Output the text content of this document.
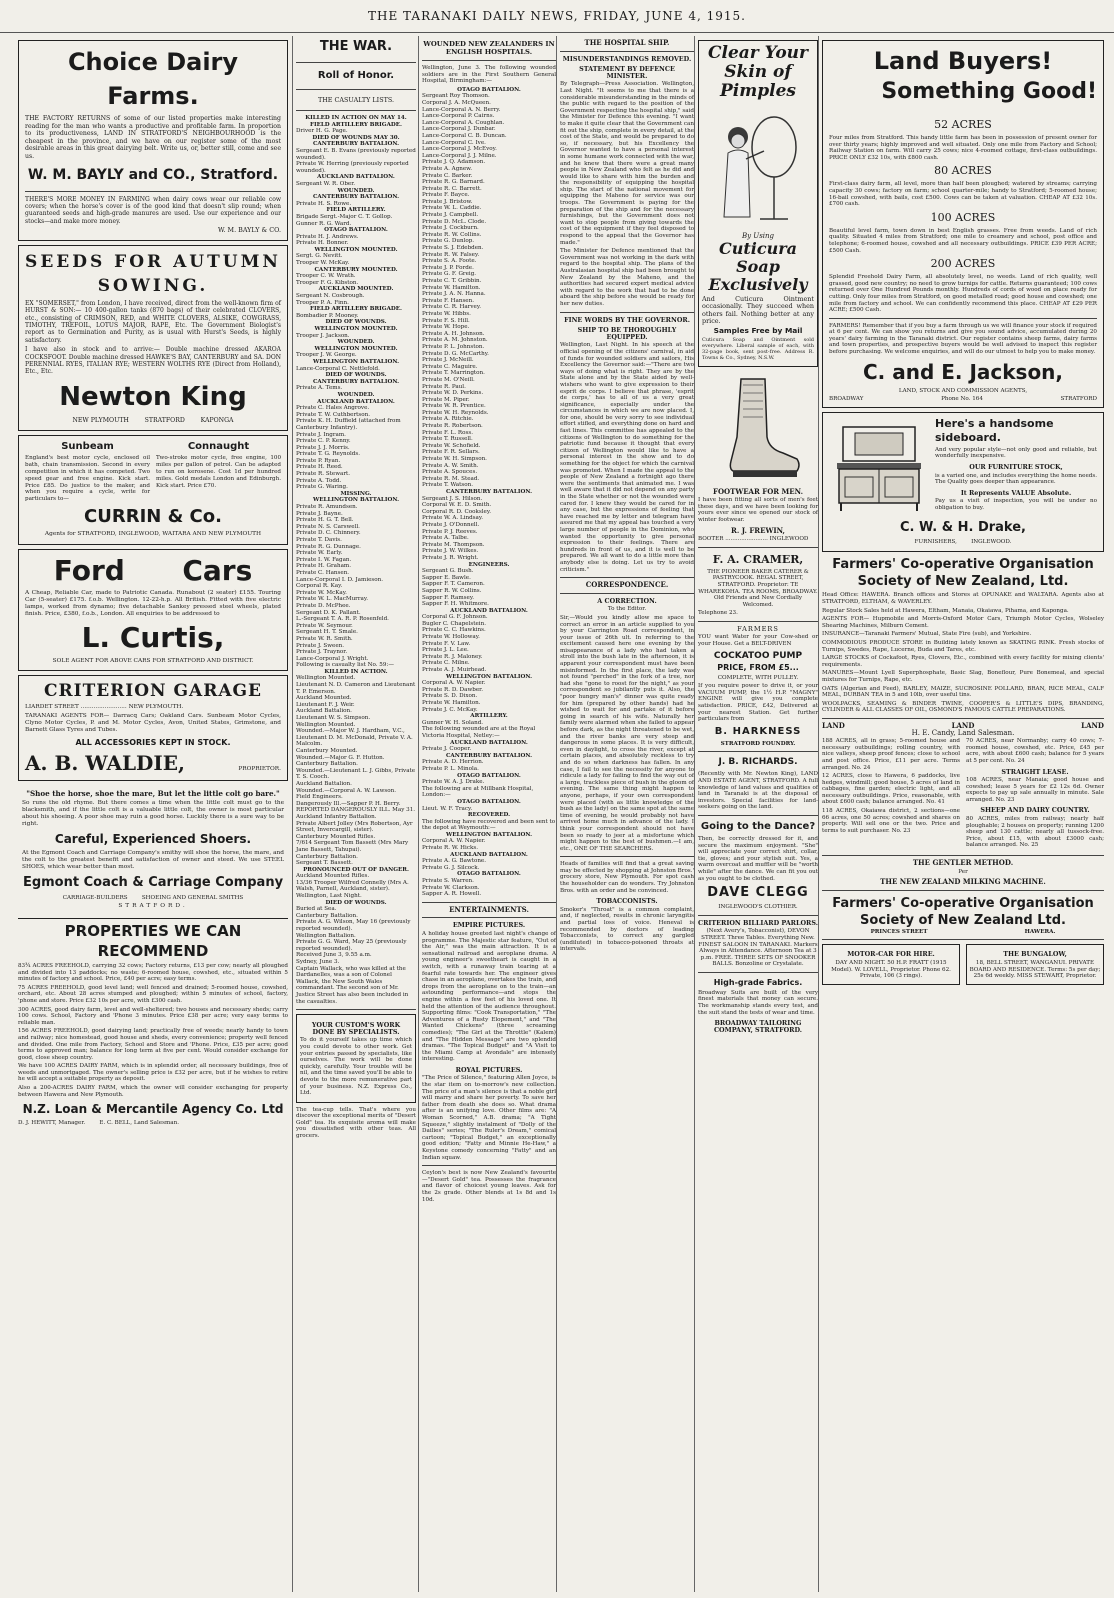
THE TARANAKI DAILY NEWS, FRIDAY, JUNE 4, 1915.
Choice Dairy Farms.

THE FACTORY RETURNS of some of our listed properties make interesting reading for the man who wants a productive and profitable farm. In proportion to its productiveness, LAND IN STRATFORD'S NEIGHBOURHOOD is the cheapest in the province, and we have on our register some of the most desirable areas in this great dairying belt. Write us, or, better still, come and see us.

W. M. BAYLY and CO., Stratford.

THERE'S MORE MONEY IN FARMING when dairy cows wear our reliable cow covers; when the horse's cover is of the good kind that doesn't slip round; when guaranteed seeds and high-grade manures are used. Use our experience and our stocks—and make more money.

W. M. BAYLY & CO.

SEEDS FOR AUTUMN SOWING.

EX "SOMERSET," from London, I have received, direct from the well-known firm of HURST & SON:— 10 400-gallon tanks (870 bags) of their celebrated CLOVERS, etc., consisting of CRIMSON, RED, and WHITE CLOVERS, ALSIKE, COWGRASS, TIMOTHY, TREFOIL, LOTUS MAJOR, RAPE, Etc. The Government Biologist's report as to Germination and Purity, as is usual with Hurst's Seeds, is highly satisfactory.

I have also in stock and to arrive:— Double machine dressed AKAROA COCKSFOOT. Double machine dressed HAWKE'S BAY, CANTERBURY and SA. DON PERENNIAL RYES, ITALIAN RYE; WESTERN WOLTHS RYE (Direct from Holland), Etc., Etc.

Newton King

NEW PLYMOUTH        STRATFORD        KAPONGA

Sunbeam

England's best motor cycle, enclosed oil bath, chain transmission. Second in every competition in which it has competed. Two speed gear and free engine. Kick start. Price £85. Do justice to the maker, and when you require a cycle, write for particulars to—

Connaught

Two-stroke motor cycle, free engine, 100 miles per gallon of petrol. Can be adapted to run on kerosene. Cost 1d per hundred miles. Gold medals London and Edinburgh. Kick start. Price £70.

CURRIN & Co.

Agents for STRATFORD, INGLEWOOD, WAITARA AND NEW PLYMOUTH

Ford Cars

A Cheap, Reliable Car, made to Patriotic Canada. Runabout (2 seater) £155. Touring Car (5-seater) £175. f.o.b. Wellington. 12-22-h.p. All British. Fitted with five electric lamps, worked from dynamo; five detachable Sankey pressed steel wheels, plated finish. Price, £380, f.o.b., London. All enquiries to be addressed to

L. Curtis,

SOLE AGENT FOR ABOVE CARS FOR STRATFORD AND DISTRICT.

CRITERION GARAGE

LIARDET STREET ......................... NEW PLYMOUTH.

TARANAKI AGENTS FOR— Darracq Cars; Oakland Cars. Sunbeam Motor Cycles, Clyno Motor Cycles, P. and M. Motor Cycles, Avon, United States, Grimstone, and Barnett Glass Tyres and Tubes.

ALL ACCESSORIES KEPT IN STOCK.
A. B. WALDIE,	PROPRIETOR.

"Shoe the horse, shoe the mare, But let the little colt go bare."

So runs the old rhyme. But there comes a time when the little colt must go to the blacksmith, and if the little colt is a valuable little colt, the owner is most particular about his shoeing. A poor shoe may ruin a good horse. Luckily there is a sure way to be right.

Careful, Experienced Shoers.

At the Egmont Coach and Carriage Company's smithy will shoe the horse, the mare, and the colt to the greatest benefit and satisfaction of owner and steed. We use STEEL SHOES, which wear better than most.

Egmont Coach & Carriage Company

CARRIAGE-BUILDERS        SHOEING AND GENERAL SMITHS

STRATFORD.

PROPERTIES WE CAN RECOMMEND

83¾ ACRES FREEHOLD, carrying 32 cows; Factory returns, £13 per cow; nearly all ploughed and divided into 13 paddocks; no waste; 6-roomed house, cowshed, etc., situated within 5 minutes of factory and school. Price, £40 per acre; easy terms.

75 ACRES FREEHOLD, good level land; well fenced and drained; 5-roomed house, cowshed, orchard, etc. About 28 acres stumped and ploughed; within 5 minutes of school, factory, 'phone and store. Price £32 10s per acre, with £300 cash.

300 ACRES, good dairy farm, level and well-sheltered; two houses and necessary sheds; carry 100 cows. School, Factory and 'Phone 3 minutes. Price £38 per acre; very easy terms to reliable man.

156 ACRES FREEHOLD, good dairying land; practically free of weeds; nearly handy to town and railway; nice homestead, good house and sheds, every convenience; property well fenced and divided. One mile from Factory, School and Store and 'Phone. Price, £35 per acre; good terms to approved man; balance for long term at five per cent. Would consider exchange for good, close sheep country.

We have 100 ACRES DAIRY FARM, which is in splendid order, all necessary buildings, free of weeds and unmortgaged. The owner's selling price is £32 per acre, but if he wishes to retire he will accept a suitable property as deposit.

Also a 200-ACRES DAIRY FARM, which the owner will consider exchanging for property between Hawera and New Plymouth.

N.Z. Loan & Mercantile Agency Co. Ltd

D. J. HEWITT, Manager.        E. C. BELL, Land Salesman.

THE WAR.
Roll of Honor.
THE CASUALTY LISTS.
KILLED IN ACTION ON MAY 14.
FIELD ARTILLERY BRIGADE.
Driver H. G. Page.
DIED OF WOUNDS MAY 30.
CANTERBURY BATTALION.
Sergeant E. B. Evans (previously reported wounded).
Private W. Herring (previously reported wounded).
AUCKLAND BATTALION.
Sergeant W. R. Ober.
WOUNDED.
CANTERBURY BATTALION.
Private H. S. Rowe.
FIELD ARTILLERY.
Brigade Sergt.-Major C. T. Gollop.
Gunner R. G. Ward.
OTAGO BATTALION.
Private H. J. Andrews.
Private H. Bonner.
WELLINGTON MOUNTED.
Sergt. G. Nevitt.
Trooper W. McKay.
CANTERBURY MOUNTED.
Trooper C. W. Wrath.
Trooper F. G. Kibston.
AUCKLAND MOUNTED.
Sergeant N. Cosbrough.
Trooper P. A. Finn.
FIELD ARTILLERY BRIGADE.
Bombadier P. Mooney.
DIED OF WOUNDS.
WELLINGTON MOUNTED.
Trooper J. Jackson.
WOUNDED.
WELLINGTON MOUNTED.
Trooper J. W. George.
WELLINGTON BATTALION.
Lance-Corporal C. Nettlefold.
DIED OF WOUNDS.
CANTERBURY BATTALION.
Private A. Tems.
WOUNDED.
AUCKLAND BATTALION.
Private C. Hales Angrove.
Private T. W. Cuthbertson.
Private K. H. Duffield (attached from Canterbury Infantry).
Private J. Ingram.
Private C. P. Kenny.
Private J. J. Morris.
Private T. G. Reynolds.
Private P. Ryan.
Private H. Reed.
Private R. Stewart.
Private A. Todd.
Private G. Waring.
MISSING.
WELLINGTON BATTALION.
Private R. Amundsen.
Private J. Bayne.
Private H. G. T. Bell.
Private N. S. Carswell.
Private D. C. Chinnery.
Private T. Davis.
Private R. G. Dunnage.
Private W. Early.
Private I. W. Fagan.
Private H. Graham.
Private C. Hansen.
Lance-Corporal I. D. Jamieson.
Corporal R. Kay.
Private W. McKay.
Private W. L. MacMurray.
Private D. McPhee.
Sergeant D. K. Pallant.
L.-Sergeant T. A. R. P. Rosenfeld.
Private W. Seymour.
Sergeant H. T. Smale.
Private W. R. Smith.
Private J. Sween.
Private J. Traynor.
Lance-Corporal J. Wright.
Following is casualty list No. 59:—
KILLED IN ACTION.
Wellington Mounted.
Lieutenant N. D. Cameron and Lieutenant T. P. Emerson.
Auckland Mounted.
Lieutenant F. J. Weir.
Auckland Battalion.
Lieutenant W. S. Simpson.
Wellington Mounted.
Wounded.—Major W. J. Hardham, V.C., Lieutenant D. M. McDonald, Private V. A. Malcolm.
Canterbury Mounted.
Wounded.—Major G. F. Hutton.
Canterbury Battalion.
Wounded.—Lieutenant L. J. Gibbs, Private T. S. Cooch.
Auckland Battalion.
Wounded.—Corporal A. W. Lawson.
Field Engineers.
Dangerously Ill.—Sapper P. H. Berry.
REPORTED DANGEROUSLY ILL. May 31.
Auckland Infantry Battalion.
Private Albert Jolley (Mrs Robertson, Ayr Street, Invercargill, sister).
Canterbury Mounted Rifles.
7/614 Sergeant Tom Bassett (Mrs Mary Jane Bassett, Tahupai).
Canterbury Battalion.
Sergeant T. Bassett.
PRONOUNCED OUT OF DANGER.
Auckland Mounted Rifles.
13/36 Trooper Wilfred Connelly (Mrs A. Walsh, Parnell, Auckland, sister).
Wellington, Last Night.
DIED OF WOUNDS.
Buried at Sea.
Canterbury Battalion.
Private A. G. Wilson, May 16 (previously reported wounded).
Wellington Battalion.
Private G. G. Ward, May 25 (previously reported wounded).
Received June 3, 9.55 a.m.
Sydney, June 3.
Captain Wallack, who was killed at the Dardanelles, was a son of Colonel Wallack, the New South Wales commandant. The second son of Mr. Justice Street has also been included in the casualties.
YOUR CUSTOM'S WORK DONE BY SPECIALISTS.

To do it yourself takes up time which you could devote to other work. Get your entries passed by specialists, like ourselves. The work will be done quickly, carefully. Your trouble will be nil, and the time saved you'll be able to devote to the more remunerative part of your business. N.Z. Express Co., Ltd.

The tea-cup tells. That's where you discover the exceptional merits of "Desert Gold" tea. Its exquisite aroma will make you dissatisfied with other teas. All grocers.

WOUNDED NEW ZEALANDERS IN ENGLISH HOSPITALS.

Wellington, June 3. The following wounded soldiers are in the First Southern General Hospital, Birmingham:—

OTAGO BATTALION.
Sergeant Roy Thomson.
Corporal J. A. McQueen.
Lance-Corporal A. N. Berry.
Lance-Corporal P. Cairns.
Lance-Corporal A. Coughlan.
Lance-Corporal J. Dunbar.
Lance-Corporal C. B. Duncan.
Lance-Corporal C. Ive.
Lance-Corporal J. McEvoy.
Lance-Corporal J. J. Milne.
Private J. Q. Adamson.
Private A. Agnew.
Private C. Barker.
Private R. G. Barnard.
Private R. C. Barrett.
Private F. Bayce.
Private J. Bristow.
Private W. L. Caddie.
Private J. Campbell.
Private D. McL. Clode.
Private J. Cockburn.
Private R. W. Collins.
Private G. Dunlop.
Private S. J. Edebden.
Private R. W. Falsey.
Private S. A. Foote.
Private J. P. Forde.
Private G. F. Greig.
Private C. T. Gribbin.
Private W. Hamilton.
Private J. A. N. Hanna.
Private F. Hansen.
Private C. R. Harvey.
Private W. Hibbs.
Private F. S. Hill.
Private W. Hope.
Private A. H. Johnson.
Private A. M. Johnston.
Private P. L. Johnston.
Private D. G. McCarthy.
Private J. McNeill.
Private C. Maguire.
Private T. Marrington.
Private M. O'Neill.
Private R. Paul.
Private W. D. Perkins.
Private M. Piper.
Private W. R. Prentice.
Private W. H. Reynolds.
Private A. Ritchie.
Private R. Robertson.
Private F. L. Ross.
Private T. Russell.
Private W. Schofield.
Private F. R. Sellars.
Private W. H. Simpson.
Private A. W. Smith.
Private A. Spouces.
Private R. M. Stead.
Private T. Watson.
CANTERBURY BATTALION.
Sergeant J. S. Hilson.
Corporal W. E. D. Smith.
Corporal R. D. Cooksley.
Private W. A. Lindsay.
Private J. O'Donnell.
Private P. J. Reeves.
Private A. Talbe.
Private M. Thompson.
Private J. W. Wilkes.
Private J. R. Wright.
ENGINEERS.
Sergeant G. Bush.
Sapper E. Bawle.
Sapper F. T. Cameron.
Sapper R. W. Collins.
Sapper F. Ramsey.
Sapper F. H. Whitmore.
AUCKLAND BATTALION.
Corporal G. F. Johnson.
Bugler C. Chapelstein.
Private C. C. Hawkins.
Private W. Holloway.
Private F. V. Law.
Private J. L. Lee.
Private R. J. Maloney.
Private C. Milne.
Private A. J. Muirhead.
WELLINGTON BATTALION.
Corporal A. W. Napier.
Private R. D. Dawber.
Private S. D. Dixon.
Private W. Hamilton.
Private J. C. McKay.
ARTILLERY.
Gunner W. H. Soland.
The following wounded are at the Royal Victoria Hospital, Netley:—
AUCKLAND BATTALION.
Private J. Cooper.
CANTERBURY BATTALION.
Private A. D. Herrion.
Private P. L. Minola.
OTAGO BATTALION.
Private W. A. J. Drake.
The following are at Millbank Hospital, London:—
OTAGO BATTALION.
Lieut. W. F. Tracy.
RECOVERED.
The following have recovered and been sent to the depot at Weymouth:—
WELLINGTON BATTALION.
Corporal A. W. Napier.
Private R. W. Hicks.
AUCKLAND BATTALION.
Private A. G. Bawtone.
Private G. J. Silcock.
OTAGO BATTALION.
Private S. Warren.
Private W. Clarkson.
Sapper A. R. Howell.
ENTERTAINMENTS.
EMPIRE PICTURES.

A holiday house greeted last night's change of programme. The Majestic star feature, "Out of the Air," was the main attraction. It is a sensational railroad and aeroplane drama. A young engineer's sweetheart is caught in a switch, with a runaway train tearing at a fearful rate towards her. The engineer gives chase in an aeroplane, overtakes the train, and drops from the aeroplane on to the train—an astounding performance—and stops the engine within a few feet of his loved one. It held the attention of the audience throughout. Supporting films: "Cook Transportation," "The Adventures of a Rusty Elopement," and "The Wanted Chickens" (three screaming comedies); "The Girl at the Throttle" (Kalem) and "The Hidden Message" are two splendid dramas. "The Topical Budget" and "A Visit to the Miami Camp at Avondale" are intensely interesting.

ROYAL PICTURES.

"The Price of Silence," featuring Allen Joyce, is the star item on to-morrow's new collection. The price of a man's silence is that a noble girl will marry and share her poverty. To save her father from death she does so. What drama after is an unifying love. Other films are: "A Woman Scorned," A.B. drama; "A Tight Squeeze," slightly instalment of "Dolly of the Dailies" series; "The Ruler's Dream," comical cartoon; "Topical Budget," an exceptionally good edition; "Fatty and Minnie He-Haw," a Keystone comedy concerning "Fatty" and an Indian squaw.

Ceylon's best is now New Zealand's favourite—"Desert Gold" tea. Possesses the fragrance and flavor of choicest young leaves. Ask for the 2s grade. Other blends at 1s 8d and 1s 10d.

THE HOSPITAL SHIP.
MISUNDERSTANDINGS REMOVED.
STATEMENT BY DEFENCE MINISTER.

By Telegraph—Press Association. Wellington, Last Night. "It seems to me that there is a considerable misunderstanding in the minds of the public with regard to the position of the Government respecting the hospital ship," said the Minister for Defence this evening. "I want to make it quite clear that the Government can fit out the ship, complete in every detail, at the cost of the State, and would be prepared to do so, if necessary, but his Excellency the Governor wanted to have a personal interest in some humane work connected with the war, and he knew that there were a great many people in New Zealand who felt as he did and would like to share with him the burden and the responsibility of equipping the hospital ship. The start of the national movement for equipping the Maheno for service was our troops. The Government is paying for the preparation of the ship and for the necessary furnishings, but the Government does not want to stop people from giving towards the cost of the equipment if they feel disposed to respond to the appeal that the Governor has made."

The Minister for Defence mentioned that the Government was not working in the dark with regard to the hospital ship. The plans of the Australasian hospital ship had been brought to New Zealand by the Maheno, and the authorities had secured expert medical advice with regard to the work that had to be done aboard the ship before she would be ready for her new duties.

FINE WORDS BY THE GOVERNOR.
SHIP TO BE THOROUGHLY EQUIPPED.

Wellington, Last Night. In his speech at the official opening of the citizens' carnival, in aid of funds for wounded soldiers and sailors, His Excellency the Governor said:—"There are two ways of doing what is right. They are by the State alone and by the State aided by well-wishers who want to give expression to their esprit de corps. I believe that phrase, 'esprit de corps,' has to all of us a very great significance, especially under the circumstances in which we are now placed. I, for one, should be very sorry to see individual effort stifled, and everything done on hard and fast lines. This committee has appealed to the citizens of Wellington to do something for the patriotic fund because it thought that every citizen of Wellington would like to have a personal interest in the show and to do something for the object for which the carnival was promoted. When I made the appeal to the people of New Zealand a fortnight ago there were the sentiments that animated me. I was well aware that it did not depend on any party in the State whether or not the wounded were cared for. I knew they would be cared for in any case, but the expressions of feeling that have reached me by letter and telegram have assured me that my appeal has touched a very large number of people in the Dominion, who wanted the opportunity to give personal expression to their feelings. There are hundreds in front of us, and it is well to be prepared. We all want to do a little more than anybody else is doing. Let us try to avoid criticism."

CORRESPONDENCE.
A CORRECTION.

To the Editor.

Sir,—Would you kindly allow me space to correct an error in an article supplied to you by your Carrington Road correspondent, in your issue of 26th ult. In referring to the excitement caused here one evening by the misappearance of a lady who had taken a stroll into the bush late in the afternoon, it is apparent your correspondent must have been misinformed. In the first place, the lady was not found "perched" in the fork of a tree, nor had she "gone to roost for the night," as your correspondent so jubilantly puts it. Also, the "poor hungry man's" dinner was quite ready for him (prepared by other hands) had he wished to wait for and partake of it before going in search of his wife. Naturally her family were alarmed when she failed to appear before dark, as the night threatened to be wet, and the river banks are very steep and dangerous in some places. It is very difficult, even in daylight, to cross the river, except at certain places, and absolutely reckless to try and do so when darkness has fallen. In any case, I fail to see the necessity for anyone to ridicule a lady for failing to find the way out of a large, trackless piece of bush in the gloom of evening. The same thing might happen to anyone, perhaps, if your own correspondent were placed (with as little knowledge of the bush as the lady) on the same spot at the same time of evening, he would probably not have arrived home much in advance of the lady. I think your correspondent should not have been so ready to jeer at a misfortune which might happen to the best of bushmen.—I am, etc., ONE OF THE SEARCHERS.

Heads of families will find that a great saving may be effected by shopping at Johnston Bros.' grocery store, New Plymouth. For spot cash the householder can do wonders. Try Johnston Bros. with an order and be convinced.

TOBACCONISTS.

Smoker's "Throat" is a common complaint, and, if neglected, results in chronic laryngitis and partial loss of voice. Heneval is recommended by doctors of leading Tobacconists, to correct any gargled (undiluted) in tobacco-poisoned throats at intervals.

Clear Your Skin of Pimples
By Using
Cuticura Soap Exclusively

And Cuticura Ointment occasionally. They succeed when others fail. Nothing better at any price.

Samples Free by Mail

Cuticura Soap and Ointment sold everywhere. Liberal sample of each, with 32-page book, sent post-free. Address R. Towns & Co., Sydney, N.S.W.

FOOTWEAR FOR MEN.

I have been fitting all sorts of men's feet these days, and we have been looking for yours ever since we opened our stock of winter footwear.

R. J. FREWIN,

BOOTER ........................ INGLEWOOD

F. A. CRAMER,

THE PIONEER BAKER CATERER & PASTRYCOOK. REGAL STREET, STRATFORD. Proprietor: TE WHAREKOHA. TEA ROOMS, BROADWAY. Old Friends and New Cordially Welcomed.

Telephone 23.

FARMERS

YOU want Water for your Cow-shed or your House. Get a BELT-DRIVEN

COCKATOO PUMP
PRICE, FROM £5...

COMPLETE, WITH PULLEY.

If you require power to drive it, or your VACUUM PUMP, the 1½ H.P. "MAGNY" ENGINE will give you complete satisfaction. PRICE, £42, Delivered at your nearest Station. Get further particulars from

B. HARKNESS

STRATFORD FOUNDRY.

J. B. RICHARDS.

(Recently with Mr. Newton King), LAND AND ESTATE AGENT, STRATFORD. A full knowledge of land values and qualities of land in Taranaki is at the disposal of investors. Special facilities for land-seekers going on the land.

Going to the Dance?

Then, be correctly dressed for it, and secure the maximum enjoyment. "She" will appreciate your correct shirt, collar, tie, gloves; and your stylish suit. Yes, a warm overcoat and muffler will be "worth while" after the dance. We can fit you out as you ought to be clothed.

DAVE CLEGG

INGLEWOOD'S CLOTHIER.

CRITERION BILLIARD PARLORS.

(Next Avery's, Tobacconist), DEVON STREET. Three Tables. Everything New. FINEST SALOON IN TARANAKI. Markers Always in Attendance. Afternoon Tea at 3 p.m. FREE. THREE SETS OF SNOOKER BALLS. Bonzoline or Crystalate.

High-grade Fabrics.

Broadway Suits are built of the very finest materials that money can secure. The workmanship stands every test, and the suit stand the tests of wear and time.

BROADWAY TAILORING COMPANY, STRATFORD.
Land Buyers!
Something Good!
52 ACRES

Four miles from Stratford. This handy little farm has been in possession of present owner for over thirty years; highly improved and well situated. Only one mile from Factory and School; Railway Station on farm. Will carry 25 cows; nice 4-roomed cottage, first-class outbuildings. PRICE ONLY £32 10s, with £800 cash.

80 ACRES

First-class dairy farm, all level, more than half been ploughed; watered by streams; carrying capacity 30 cows; factory on farm; school quarter-mile; handy to Stratford; 5-roomed house; 16-bail cowshed, with bails, cost £500. Cows can be taken at valuation. CHEAP AT £32 10s. £700 cash.

100 ACRES

Beautiful level farm, town down in best English grasses. Free from weeds. Land of rich quality. Situated 4 miles from Stratford; one mile to creamery and school, post office and telephone; 6-roomed house, cowshed and all necessary outbuildings. PRICE £39 PER ACRE; £500 Cash.

200 ACRES

Splendid Freehold Dairy Farm, all absolutely level, no weeds. Land of rich quality, well grassed, good new country; no need to grow turnips for cattle. Returns guaranteed; 100 cows returned over One Hundred Pounds monthly. Hundreds of cords of wood on place ready for cutting. Only four miles from Stratford, on good metalled road; good house and cowshed; one mile from factory and school. We can confidently recommend this place. CHEAP AT £29 PER ACRE; £500 Cash.

FARMERS! Remember that if you buy a farm through us we will finance your stock if required at 6 per cent. We can show you returns and give you sound advice, accumulated during 20 years' dairy farming in the Taranaki district. Our register contains sheep farms, dairy farms and town properties, and prospective buyers would be well advised to inspect this register before purchasing. We welcome enquiries, and will do our utmost to help you to make money.

C. and E. Jackson,

LAND, STOCK AND COMMISSION AGENTS,

BROADWAY	Phone No. 164	STRATFORD
Here's a handsome sideboard.

And very popular style—not only good and reliable, but wonderfully inexpensive.

OUR FURNITURE STOCK,

is a varied one, and includes everything the home needs. The Quality goes deeper than appearance.

It Represents VALUE Absolute.

Pay us a visit of inspection, you will be under no obligation to buy.

C. W. & H. Drake,

FURNISHERS,        INGLEWOOD.

Farmers' Co-operative Organisation Society of New Zealand, Ltd.

Head Office: HAWERA. Branch offices and Stores at OPUNAKE and WALTARA. Agents also at STRATFORD, ELTHAM, & WAVERLEY.

Regular Stock Sales held at Hawera, Eltham, Manaia, Okaiawa, Pihama, and Kaponga.

AGENTS FOR— Hupmobile and Morris-Oxford Motor Cars, Triumph Motor Cycles, Wolseley Shearing Machines, Milburn Cement.

INSURANCE—Taranaki Farmers' Mutual, State Fire (sub), and Yorkshire.

COMMODIOUS PRODUCE STORE in Building lately known as SKATING RINK. Fresh stocks of Turnips, Swedes, Rape, Lucerne, Buda and Tares, etc.

LARGE STOCKS of Cockafoot, Ryes, Clovers, Etc., combined with every facility for mixing clients' requirements.

MANURES—Mount Lyell Superphosphate, Basic Slag, Boneflour, Pure Bonemeal, and special mixtures for Turnips, Rape, etc.

OATS (Algerian and Feed), BARLEY, MAIZE, SUCROSINE POLLARD, BRAN, RICE MEAL, CALF MEAL, DURBAN TEA in 5 and 10lb, over useful tins.

WOOLPACKS, SEAMING & BINDER TWINE, COOPER'S & LITTLE'S DIPS, BRANDING, CYLINDER & ALL CLASSES OF OIL, OSMOND'S FAMOUS CATTLE PREPARATIONS.

LAND	LAND	LAND
H. E. Candy, Land Salesman.

188 ACRES, all in grass; 5-roomed house and necessary outbuildings; rolling country, with nice valleys, sheep proof fences; close to school and post office. Price, £11 per acre. Terms arranged. No. 24

12 ACRES, close to Hawera, 6 paddocks, live hedges, windmill; good house, 5 acres of land in cabbages, fine garden; electric light, and all necessary outbuildings. Price, reasonable, with about £600 cash; balance arranged. No. 41

118 ACRES, Okaiawa district, 2 sections—one 66 acres, one 50 acres; cowshed and shares on property. Will sell one or the two. Price and terms to suit purchaser. No. 23

70 ACRES, near Normanby; carry 40 cows; 7-roomed house, cowshed, etc. Price, £45 per acre, with about £600 cash; balance for 5 years at 5 per cent. No. 24

STRAIGHT LEASE.

108 ACRES, near Manaia; good house and cowshed; lease 5 years for £2 12s 6d. Owner expects to pay up sale annually in minute. Sale arranged. No. 23

SHEEP AND DAIRY COUNTRY.

80 ACRES, miles from railway; nearly half ploughable; 2 houses on property; running 1200 sheep and 130 cattle; nearly all tussock-free. Price, about £15, with about £3000 cash; balance arranged. No. 25

THE GENTLER METHOD.

Per

THE NEW ZEALAND MILKING MACHINE.
Farmers' Co-operative Organisation Society of New Zealand Ltd.
PRINCES STREET	HAWERA.
MOTOR-CAR FOR HIRE.

DAY AND NIGHT. 50 H.P. FRATT (1915 Model). W. LOVELL, Proprietor. Phone 62. Private, 106 (3 rings).

THE BUNGALOW,

18, BELL STREET, WANGANUI. PRIVATE BOARD AND RESIDENCE. Terms: 5s per day; 25s 6d weekly. MISS STEWART, Proprietor.
